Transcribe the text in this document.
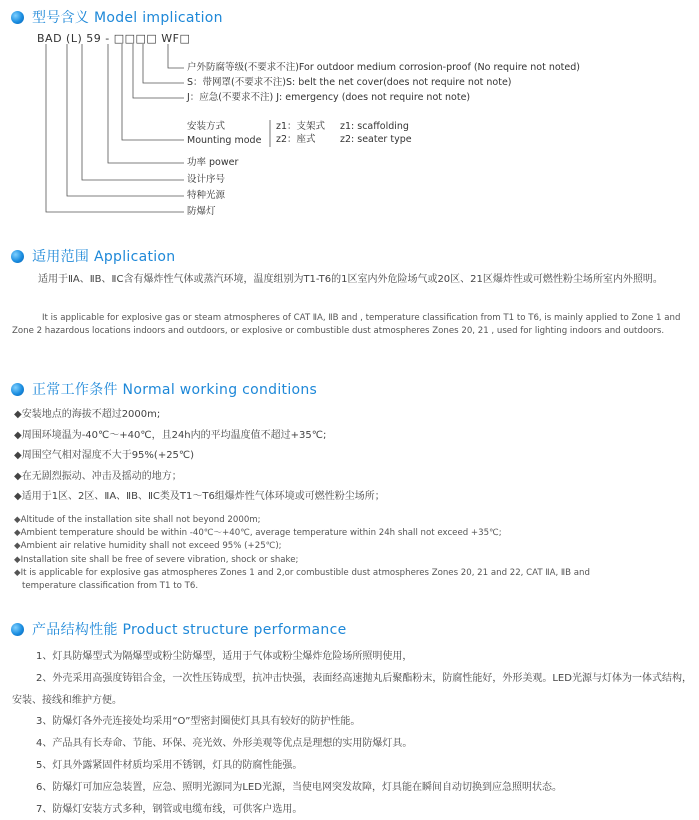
型号含义 Model implication
BAD (L) 59 - □□□□ WF□
户外防腐等级(不要求不注)For outdoor medium corrosion-proof (No require not noted)
S：带网罩(不要求不注)S: belt the net cover(does not require not note)
J：应急(不要求不注) J: emergency (does not require not note)
安装方式
Mounting mode
z1：支架式
z2：座式
z1: scaffolding
z2: seater type
功率 power
设计序号
特种光源
防爆灯
适用范围 Application
适用于ⅡA、ⅡB、ⅡC含有爆炸性气体或蒸汽环境，温度组别为T1-T6的1区室内外危险场气或20区、21区爆炸性或可燃性粉尘场所室内外照明。
It is applicable for explosive gas or steam atmospheres of CAT ⅡA, ⅡB and , temperature classification from T1 to T6, is mainly applied to Zone 1 and Zone 2 hazardous locations indoors and outdoors, or explosive or combustible dust atmospheres Zones 20, 21 , used for lighting indoors and outdoors.
正常工作条件 Normal working conditions
◆安装地点的海拔不超过2000m;
◆周围环境温为-40℃～+40℃，且24h内的平均温度值不超过+35℃;
◆周围空气相对湿度不大于95%(+25℃)
◆在无剧烈振动、冲击及摇动的地方；
◆适用于1区、2区、ⅡA、ⅡB、ⅡC类及T1～T6组爆炸性气体环境或可燃性粉尘场所；
◆Altitude of the installation site shall not beyond 2000m;
◆Ambient temperature should be within -40℃～+40℃, average temperature within 24h shall not exceed +35℃;
◆Ambient air relative humidity shall not exceed 95% (+25℃);
◆Installation site shall be free of severe vibration, shock or shake;
◆It is applicable for explosive gas atmospheres Zones 1 and 2,or combustible dust atmospheres Zones 20, 21 and 22, CAT ⅡA, ⅡB and
temperature classification from T1 to T6.
产品结构性能 Product structure performance
1、灯具防爆型式为隔爆型或粉尘防爆型，适用于气体或粉尘爆炸危险场所照明使用，
2、外壳采用高强度铸铝合金，一次性压铸成型，抗冲击快强，表面经高速抛丸后聚酯粉末，防腐性能好，外形美观。LED光源与灯体为一体式结构，安装、接线和维护方便。
3、防爆灯各外壳连接处均采用“O”型密封圈使灯具具有较好的防护性能。
4、产品具有长寿命、节能、环保、亮光效、外形美观等优点是理想的实用防爆灯具。
5、灯具外露紧固件材质均采用不锈钢，灯具的防腐性能强。
6、防爆灯可加应急装置，应急、照明光源同为LED光源，当使电网突发故障，灯具能在瞬间自动切换到应急照明状态。
7、防爆灯安装方式多种，钢管或电缆布线，可供客户选用。
